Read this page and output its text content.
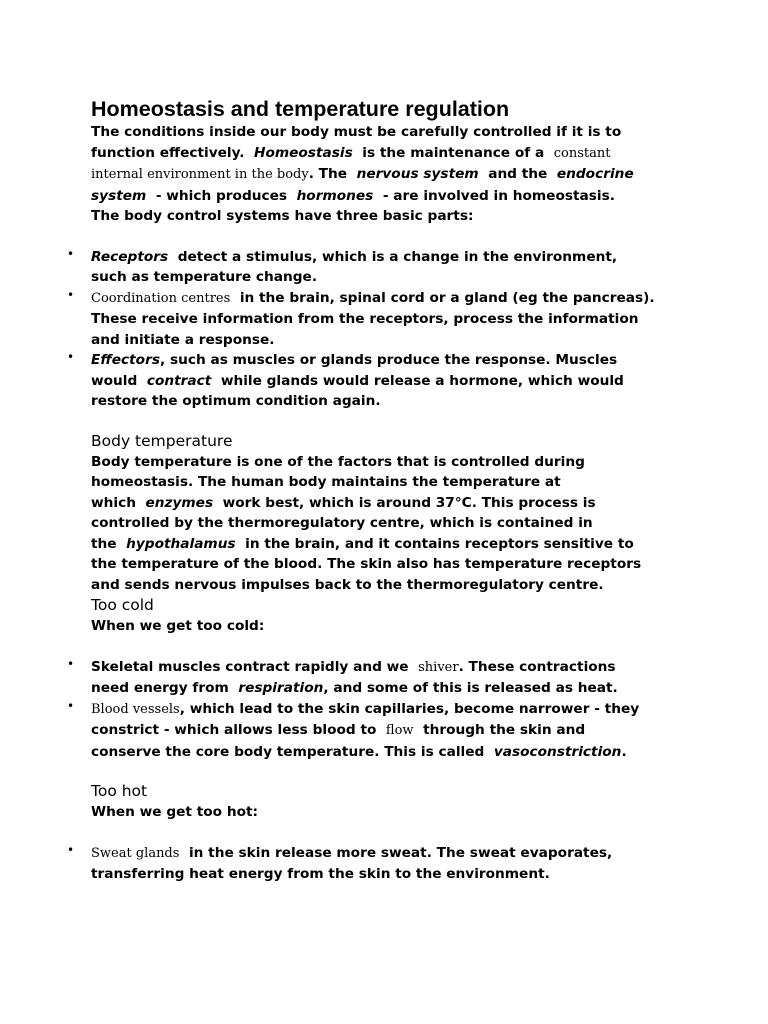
Homeostasis and temperature regulation
The conditions inside our body must be carefully controlled if it is to
function effectively. Homeostasis is the maintenance of a constant
internal environment in the body. The nervous system and the endocrine
system - which produces hormones - are involved in homeostasis.
The body control systems have three basic parts:
• Receptors detect a stimulus, which is a change in the environment,
such as temperature change.
• Coordination centres in the brain, spinal cord or a gland (eg the pancreas).
These receive information from the receptors, process the information
and initiate a response.
• Effectors, such as muscles or glands produce the response. Muscles
would contract while glands would release a hormone, which would
restore the optimum condition again.
Body temperature
Body temperature is one of the factors that is controlled during
homeostasis. The human body maintains the temperature at
which enzymes work best, which is around 37°C. This process is
controlled by the thermoregulatory centre, which is contained in
the hypothalamus in the brain, and it contains receptors sensitive to
the temperature of the blood. The skin also has temperature receptors
and sends nervous impulses back to the thermoregulatory centre.
Too cold
When we get too cold:
• Skeletal muscles contract rapidly and we shiver. These contractions
need energy from respiration, and some of this is released as heat.
• Blood vessels, which lead to the skin capillaries, become narrower - they
constrict - which allows less blood to flow through the skin and
conserve the core body temperature. This is called vasoconstriction.
Too hot
When we get too hot:
• Sweat glands in the skin release more sweat. The sweat evaporates,
transferring heat energy from the skin to the environment.
